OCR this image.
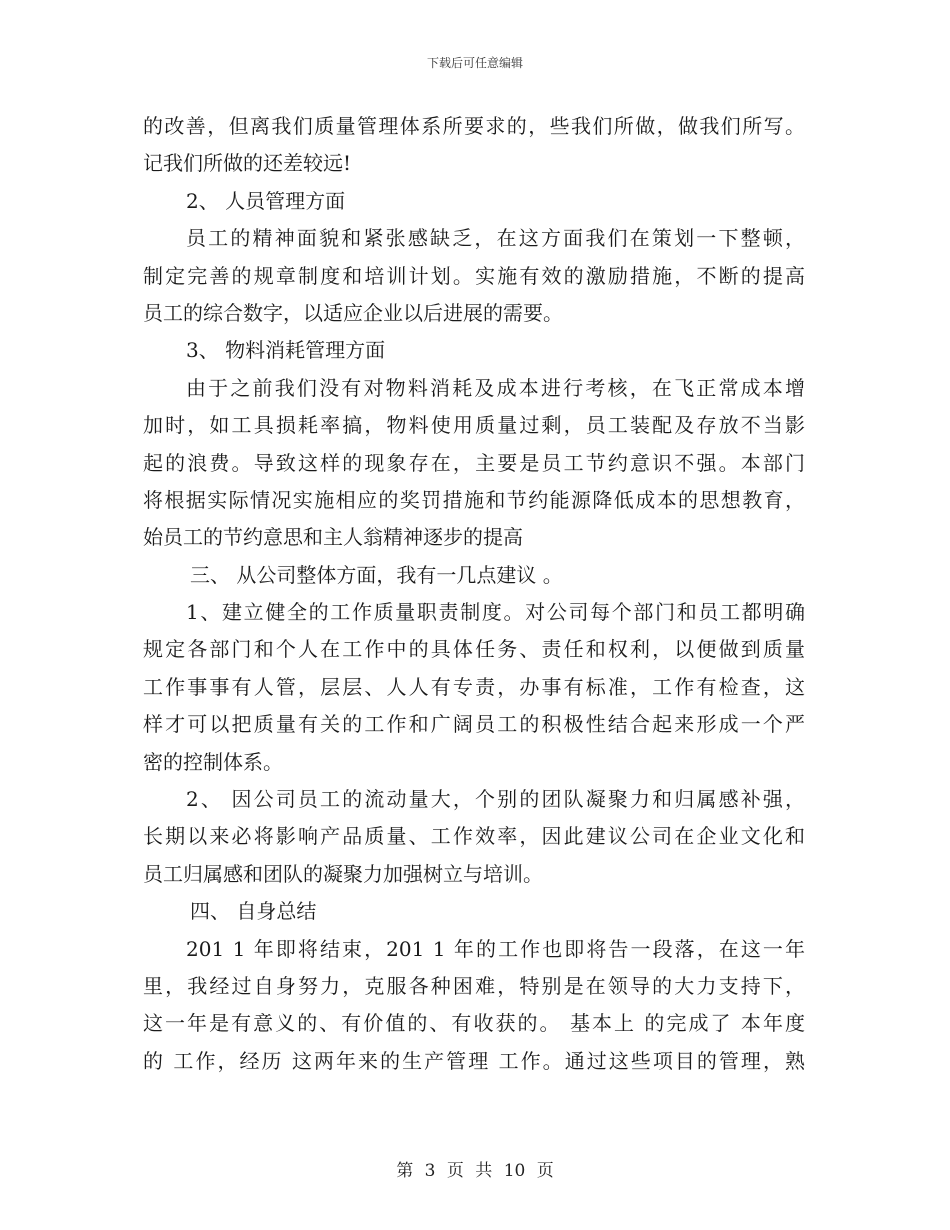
下载后可任意编辑
的改善，但离我们质量管理体系所要求的，些我们所做，做我们所写。
记我们所做的还差较远!
2、 人员管理方面
员工的精神面貌和紧张感缺乏，在这方面我们在策划一下整顿，
制定完善的规章制度和培训计划。实施有效的激励措施，不断的提高
员工的综合数字，以适应企业以后进展的需要。
3、 物料消耗管理方面
由于之前我们没有对物料消耗及成本进行考核，在飞正常成本增
加时，如工具损耗率搞，物料使用质量过剩，员工装配及存放不当影
起的浪费。导致这样的现象存在，主要是员工节约意识不强。本部门
将根据实际情况实施相应的奖罚措施和节约能源降低成本的思想教育，
始员工的节约意思和主人翁精神逐步的提高
三、 从公司整体方面，我有一几点建议 。
1、建立健全的工作质量职责制度。对公司每个部门和员工都明确
规定各部门和个人在工作中的具体任务、责任和权利，以便做到质量
工作事事有人管，层层、人人有专责，办事有标准，工作有检查，这
样才可以把质量有关的工作和广阔员工的积极性结合起来形成一个严
密的控制体系。
2、 因公司员工的流动量大，个别的团队凝聚力和归属感补强，
长期以来必将影响产品质量、工作效率，因此建议公司在企业文化和
员工归属感和团队的凝聚力加强树立与培训。
四、 自身总结
201 1 年即将结束，201 1 年的工作也即将告一段落，在这一年
里，我经过自身努力，克服各种困难，特别是在领导的大力支持下，
这一年是有意义的、有价值的、有收获的。 基本上 的完成了 本年度
的 工作，经历 这两年来的生产管理 工作。通过这些项目的管理，熟
第 3 页 共 10 页
